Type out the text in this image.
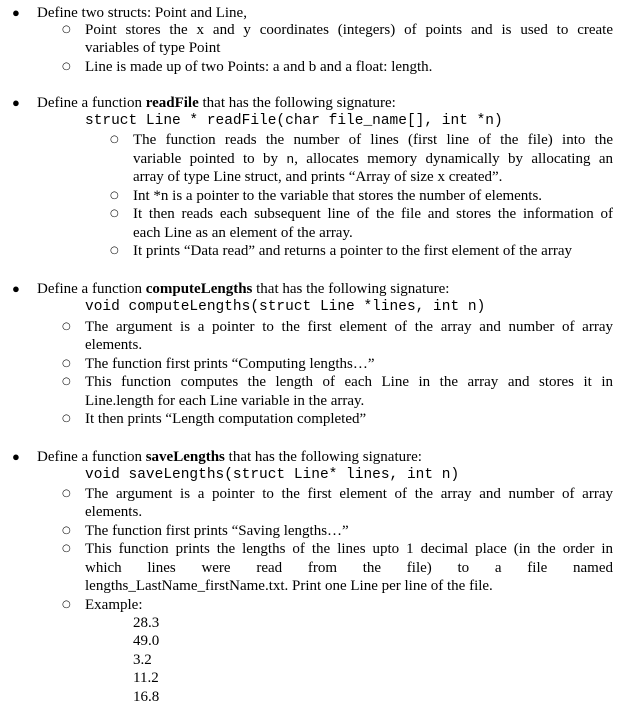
● Define two structs: Point and Line,
○ Point stores the x and y coordinates (integers) of points and is used to create
variables of type Point
○ Line is made up of two Points: a and b and a float: length.
● Define a function readFile that has the following signature:
struct Line * readFile(char file_name[], int *n)
○ The function reads the number of lines (first line of the file) into the
variable pointed to by n, allocates memory dynamically by allocating an
array of type Line struct, and prints “Array of size x created”.
○ Int *n is a pointer to the variable that stores the number of elements.
○ It then reads each subsequent line of the file and stores the information of
each Line as an element of the array.
○ It prints “Data read” and returns a pointer to the first element of the array
● Define a function computeLengths that has the following signature:
void computeLengths(struct Line *lines, int n)
○ The argument is a pointer to the first element of the array and number of array
elements.
○ The function first prints “Computing lengths…”
○ This function computes the length of each Line in the array and stores it in
Line.length for each Line variable in the array.
○ It then prints “Length computation completed”
● Define a function saveLengths that has the following signature:
void saveLengths(struct Line* lines, int n)
○ The argument is a pointer to the first element of the array and number of array
elements.
○ The function first prints “Saving lengths…”
○ This function prints the lengths of the lines upto 1 decimal place (in the order in
which lines were read from the file) to a file named
lengths_LastName_firstName.txt. Print one Line per line of the file.
○ Example:
28.3
49.0
3.2
11.2
16.8
